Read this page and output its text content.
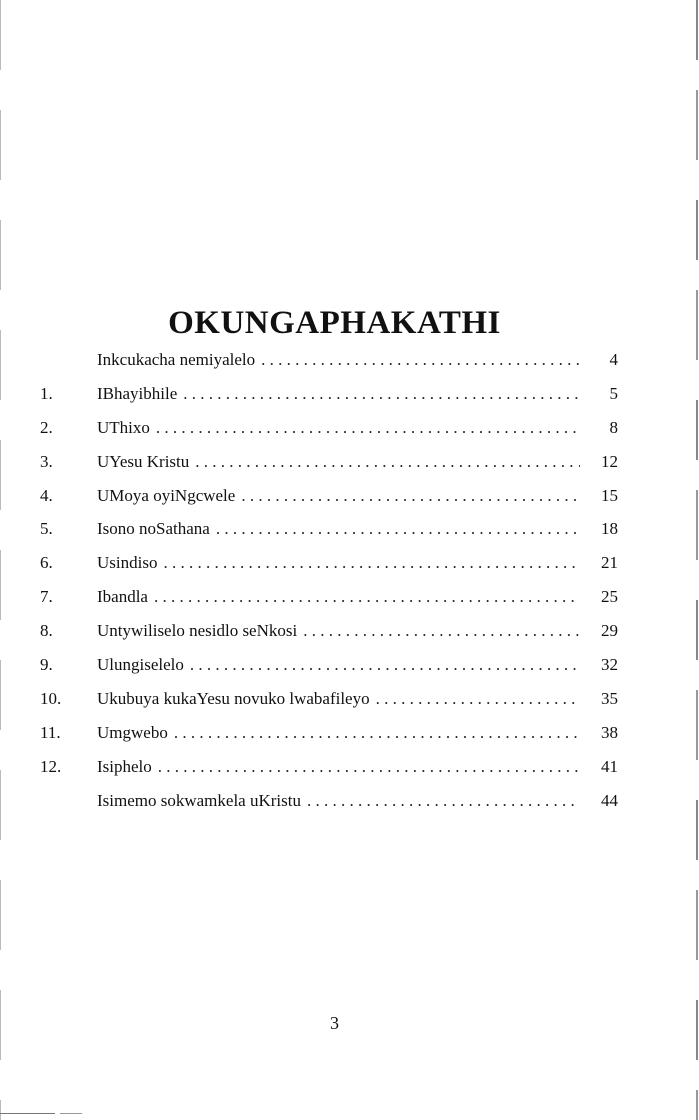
OKUNGAPHAKATHI
Inkcukacha nemiyalelo . . .	4
1.	IBhayibhile . . .	5
2.	UThixo . . .	8
3.	UYesu Kristu . . .	12
4.	UMoya oyiNgcwele . . .	15
5.	Isono noSathana . . .	18
6.	Usindiso . . .	21
7.	Ibandla . . .	25
8.	Untywiliselo nesidlo seNkosi . . .	29
9.	Ulungiselelo . . .	32
10.	Ukubuya kukaYesu novuko lwabafileyo . . .	35
11.	Umgwebo . . .	38
12.	Isiphelo . . .	41
Isimemo sokwamkela uKristu . . .	44
3
